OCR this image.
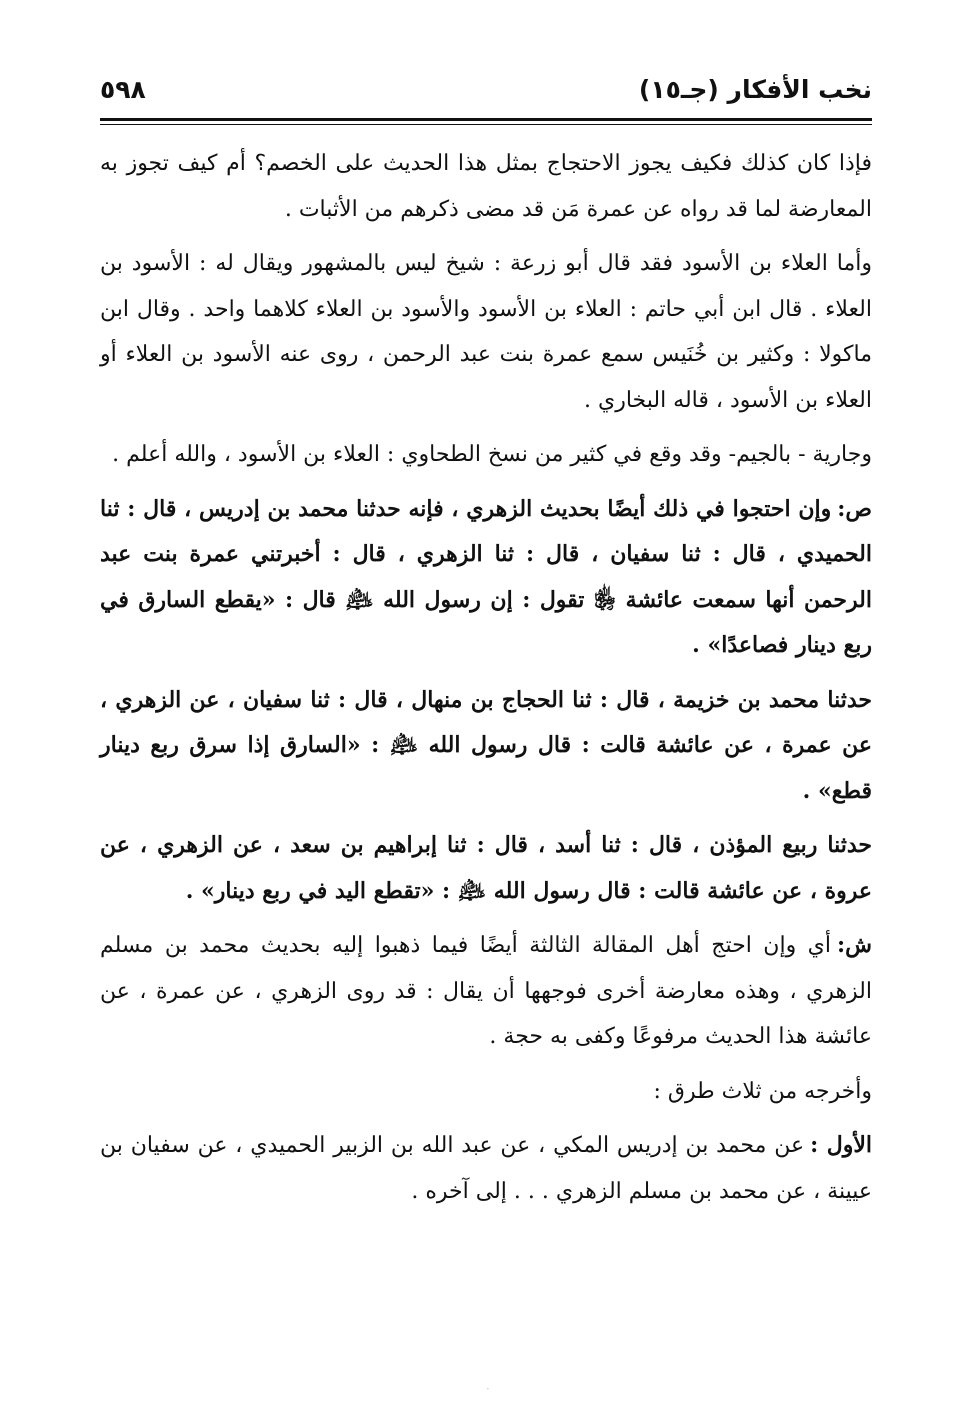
نخب الأفكار (جـ١٥)
٥٩٨

فإذا كان كذلك فكيف يجوز الاحتجاج بمثل هذا الحديث على الخصم؟ أم كيف تجوز به المعارضة لما قد رواه عن عمرة مَن قد مضى ذكرهم من الأثبات .

وأما العلاء بن الأسود فقد قال أبو زرعة : شيخ ليس بالمشهور ويقال له : الأسود بن العلاء . قال ابن أبي حاتم : العلاء بن الأسود والأسود بن العلاء كلاهما واحد . وقال ابن ماكولا : وكثير بن خُنَيس سمع عمرة بنت عبد الرحمن ، روى عنه الأسود بن العلاء أو العلاء بن الأسود ، قاله البخاري .

وجارية - بالجيم- وقد وقع في كثير من نسخ الطحاوي : العلاء بن الأسود ، والله أعلم .

ص:وإن احتجوا في ذلك أيضًا بحديث الزهري ، فإنه حدثنا محمد بن إدريس ، قال : ثنا الحميدي ، قال : ثنا سفيان ، قال : ثنا الزهري ، قال : أخبرتني عمرة بنت عبد الرحمن أنها سمعت عائشة ﵂ تقول : إن رسول الله ﵇ قال : «يقطع السارق في ربع دينار فصاعدًا» .

حدثنا محمد بن خزيمة ، قال : ثنا الحجاج بن منهال ، قال : ثنا سفيان ، عن الزهري ، عن عمرة ، عن عائشة قالت : قال رسول الله ﵇ : «السارق إذا سرق ربع دينار قطع» .

حدثنا ربيع المؤذن ، قال : ثنا أسد ، قال : ثنا إبراهيم بن سعد ، عن الزهري ، عن عروة ، عن عائشة قالت : قال رسول الله ﵇ : «تقطع اليد في ربع دينار» .

ش:أي وإن احتج أهل المقالة الثالثة أيضًا فيما ذهبوا إليه بحديث محمد بن مسلم الزهري ، وهذه معارضة أخرى فوجهها أن يقال : قد روى الزهري ، عن عمرة ، عن عائشة هذا الحديث مرفوعًا وكفى به حجة .

وأخرجه من ثلاث طرق :

الأول :عن محمد بن إدريس المكي ، عن عبد الله بن الزبير الحميدي ، عن سفيان بن عيينة ، عن محمد بن مسلم الزهري . . . إلى آخره .

·
